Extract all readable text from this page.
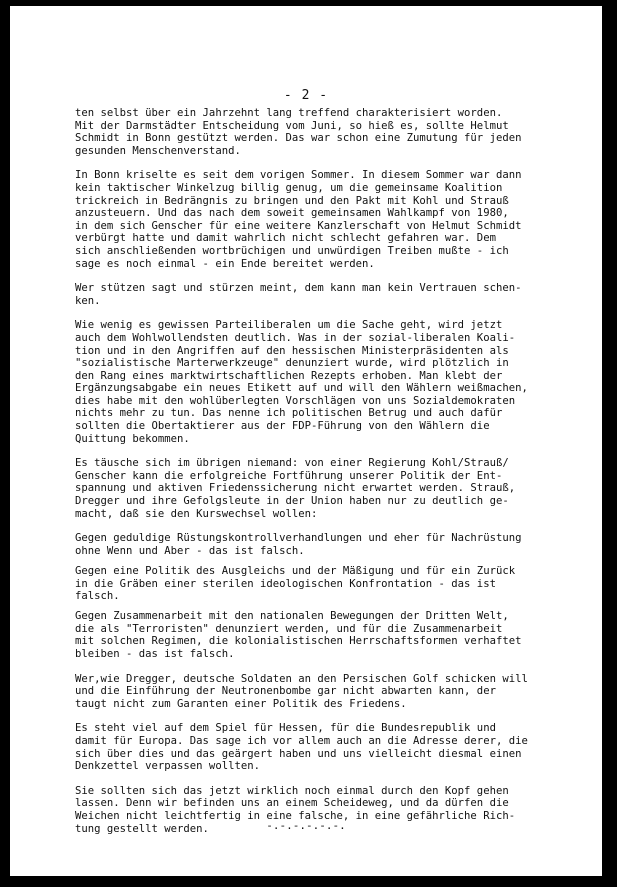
- 2 -
ten selbst über ein Jahrzehnt lang treffend charakterisiert worden.
Mit der Darmstädter Entscheidung vom Juni, so hieß es, sollte Helmut
Schmidt in Bonn gestützt werden. Das war schon eine Zumutung für jeden
gesunden Menschenverstand.
In Bonn kriselte es seit dem vorigen Sommer. In diesem Sommer war dann
kein taktischer Winkelzug billig genug, um die gemeinsame Koalition
trickreich in Bedrängnis zu bringen und den Pakt mit Kohl und Strauß
anzusteuern. Und das nach dem soweit gemeinsamen Wahlkampf von 1980,
in dem sich Genscher für eine weitere Kanzlerschaft von Helmut Schmidt
verbürgt hatte und damit wahrlich nicht schlecht gefahren war. Dem
sich anschließenden wortbrüchigen und unwürdigen Treiben mußte - ich
sage es noch einmal - ein Ende bereitet werden.
Wer stützen sagt und stürzen meint, dem kann man kein Vertrauen schen-
ken.
Wie wenig es gewissen Parteiliberalen um die Sache geht, wird jetzt
auch dem Wohlwollendsten deutlich. Was in der sozial-liberalen Koali-
tion und in den Angriffen auf den hessischen Ministerpräsidenten als
"sozialistische Marterwerkzeuge" denunziert wurde, wird plötzlich in
den Rang eines marktwirtschaftlichen Rezepts erhoben. Man klebt der
Ergänzungsabgabe ein neues Etikett auf und will den Wählern weißmachen,
dies habe mit den wohlüberlegten Vorschlägen von uns Sozialdemokraten
nichts mehr zu tun. Das nenne ich politischen Betrug und auch dafür
sollten die Obertaktierer aus der FDP-Führung von den Wählern die
Quittung bekommen.
Es täusche sich im übrigen niemand: von einer Regierung Kohl/Strauß/
Genscher kann die erfolgreiche Fortführung unserer Politik der Ent-
spannung und aktiven Friedenssicherung nicht erwartet werden. Strauß,
Dregger und ihre Gefolgsleute in der Union haben nur zu deutlich ge-
macht, daß sie den Kurswechsel wollen:
Gegen geduldige Rüstungskontrollverhandlungen und eher für Nachrüstung
ohne Wenn und Aber - das ist falsch.
Gegen eine Politik des Ausgleichs und der Mäßigung und für ein Zurück
in die Gräben einer sterilen ideologischen Konfrontation - das ist
falsch.
Gegen Zusammenarbeit mit den nationalen Bewegungen der Dritten Welt,
die als "Terroristen" denunziert werden, und für die Zusammenarbeit
mit solchen Regimen, die kolonialistischen Herrschaftsformen verhaftet
bleiben - das ist falsch.
Wer,wie Dregger, deutsche Soldaten an den Persischen Golf schicken will
und die Einführung der Neutronenbombe gar nicht abwarten kann, der
taugt nicht zum Garanten einer Politik des Friedens.
Es steht viel auf dem Spiel für Hessen, für die Bundesrepublik und
damit für Europa. Das sage ich vor allem auch an die Adresse derer, die
sich über dies und das geärgert haben und uns vielleicht diesmal einen
Denkzettel verpassen wollten.
Sie sollten sich das jetzt wirklich noch einmal durch den Kopf gehen
lassen. Denn wir befinden uns an einem Scheideweg, und da dürfen die
Weichen nicht leichtfertig in eine falsche, in eine gefährliche Rich-
tung gestellt werden.	-.-.-.-.-.-.
